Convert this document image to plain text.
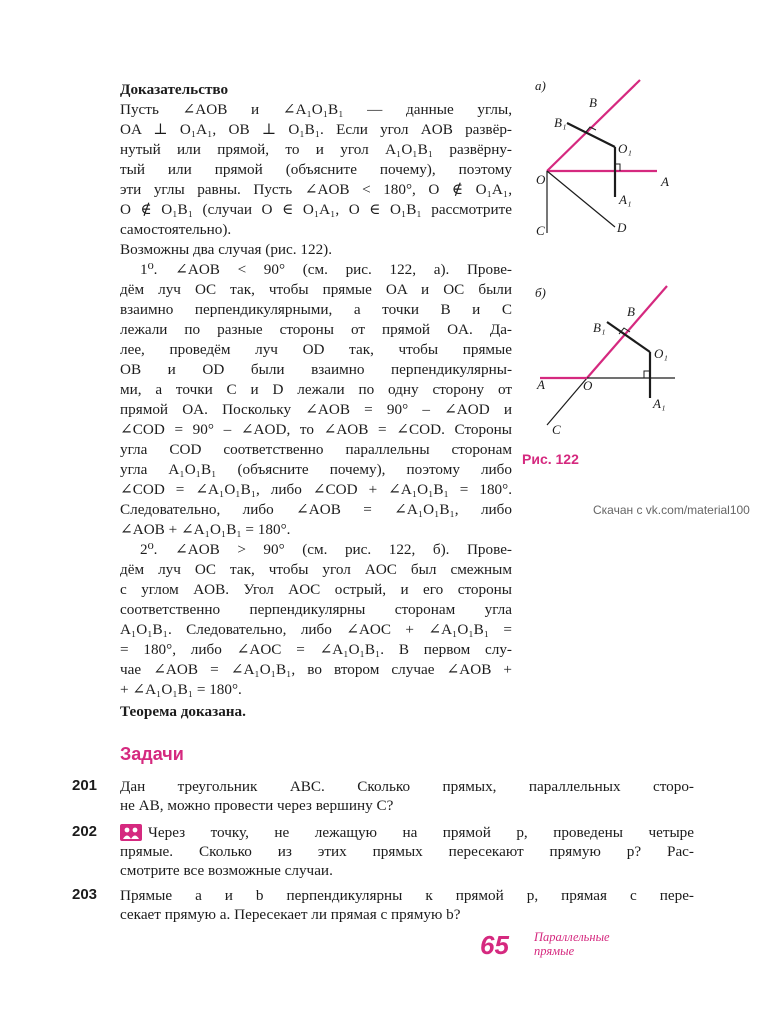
Доказательство
Пусть ∠AOB и ∠A₁O₁B₁ — данные углы,
OA ⊥ O₁A₁, OB ⊥ O₁B₁. Если угол AOB развёр-
нутый или прямой, то и угол A₁O₁B₁ развёрну-
тый или прямой (объясните почему), поэтому
эти углы равны. Пусть ∠AOB < 180°, O ∉ O₁A₁,
O ∉ O₁B₁ (случаи O ∈ O₁A₁, O ∈ O₁B₁ рассмотрите
самостоятельно).
Возможны два случая (рис. 122).
1⁰. ∠AOB < 90° (см. рис. 122, а). Прове-
дём луч OC так, чтобы прямые OA и OC были
взаимно перпендикулярными, а точки B и C
лежали по разные стороны от прямой OA. Да-
лее, проведём луч OD так, чтобы прямые
OB и OD были взаимно перпендикулярны-
ми, а точки C и D лежали по одну сторону от
прямой OA. Поскольку ∠AOB = 90° – ∠AOD и
∠COD = 90° – ∠AOD, то ∠AOB = ∠COD. Стороны
угла COD соответственно параллельны сторонам
угла A₁O₁B₁ (объясните почему), поэтому либо
∠COD = ∠A₁O₁B₁, либо ∠COD + ∠A₁O₁B₁ = 180°.
Следовательно, либо ∠AOB = ∠A₁O₁B₁, либо
∠AOB + ∠A₁O₁B₁ = 180°.
2⁰. ∠AOB > 90° (см. рис. 122, б). Прове-
дём луч OC так, чтобы угол AOC был смежным
с углом AOB. Угол AOC острый, и его стороны
соответственно перпендикулярны сторонам угла
A₁O₁B₁. Следовательно, либо ∠AOC + ∠A₁O₁B₁ =
= 180°, либо ∠AOC = ∠A₁O₁B₁. В первом слу-
чае ∠AOB = ∠A₁O₁B₁, во втором случае ∠AOB +
+ ∠A₁O₁B₁ = 180°.
Теорема доказана.
а)
B
B₁
O₁
O	A
A₁
C	D
б)
B
B₁
O₁
A	O
A₁
C
Рис. 122
Скачан с vk.com/material100
Задачи
201 Дан треугольник ABC. Сколько прямых, параллельных сторо-
не AB, можно провести через вершину C?
202	Через точку, не лежащую на прямой p, проведены четыре
прямые. Сколько из этих прямых пересекают прямую p? Рас-
смотрите все возможные случаи.
203 Прямые a и b перпендикулярны к прямой p, прямая c пере-
секает прямую a. Пересекает ли прямая c прямую b?
65 Параллельные
прямые
